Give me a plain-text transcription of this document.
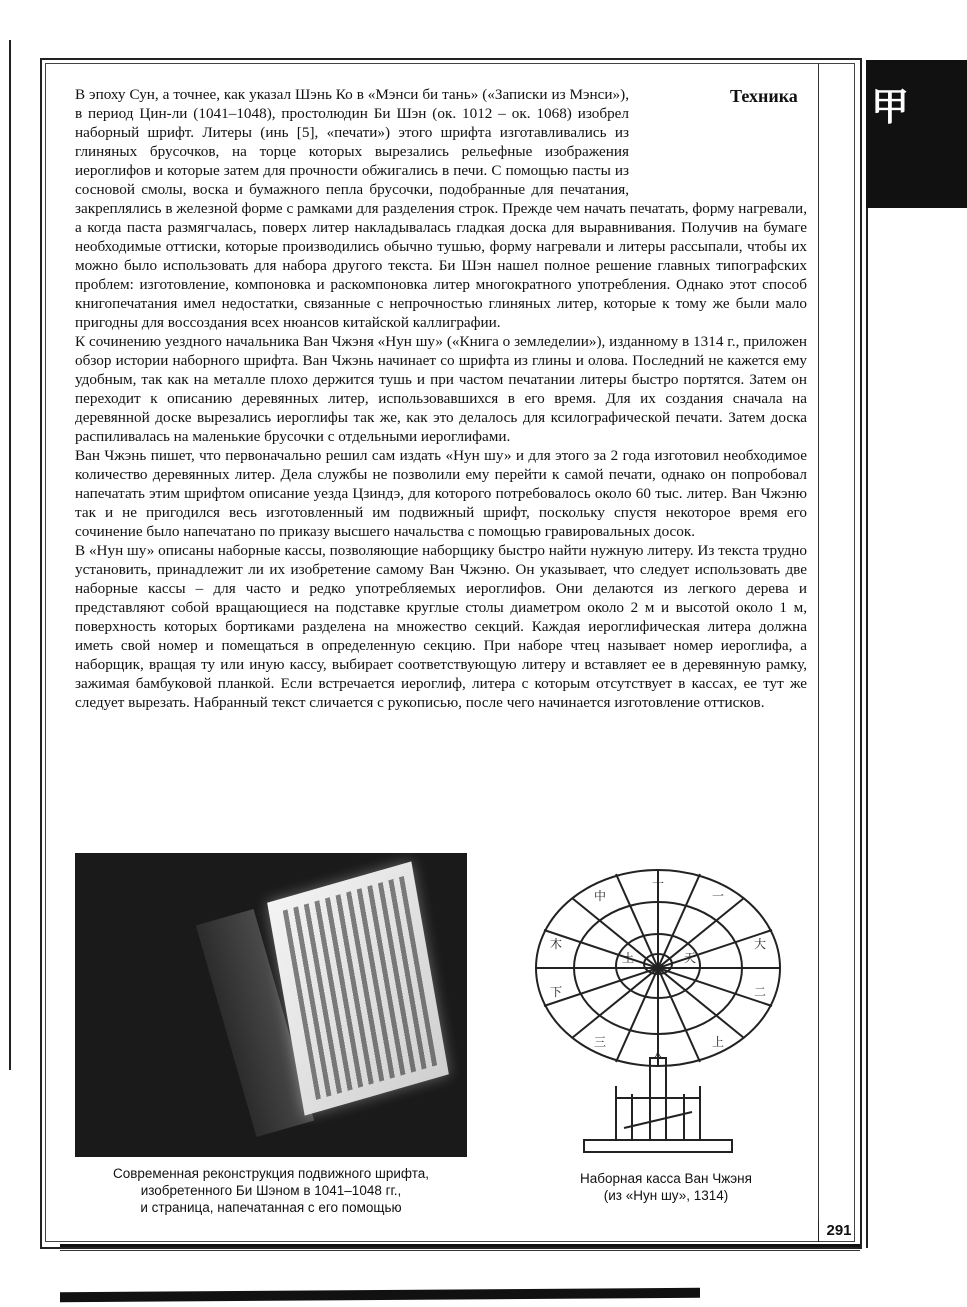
甲
Техника

В эпоху Сун, а точнее, как указал Шэнь Ко в «Мэнси би тань» («Записки из Мэнси»), в период Цин-ли (1041–1048), простолюдин Би Шэн (ок. 1012 – ок. 1068) изобрел наборный шрифт. Литеры (инь [5], «печати») этого шрифта изготавливались из глиняных брусочков, на торце которых вырезались рельефные изображения иероглифов и которые затем для прочности обжигались в печи. С помощью пасты из сосновой смолы, воска и бумажного пепла брусочки, подобранные для печатания, закреплялись в железной форме с рамками для разделения строк. Прежде чем начать печатать, форму нагревали, а когда паста размягчалась, поверх литер накладывалась гладкая доска для выравнивания. Получив на бумаге необходимые оттиски, которые производились обычно тушью, форму нагревали и литеры рассыпали, чтобы их можно было использовать для набора другого текста. Би Шэн нашел полное решение главных типографских проблем: изготовление, компоновка и раскомпоновка литер многократного употребления. Однако этот способ книгопечатания имел недостатки, связанные с непрочностью глиняных литер, которые к тому же были мало пригодны для воссоздания всех нюансов китайской каллиграфии.

К сочинению уездного начальника Ван Чжэня «Нун шу» («Книга о земледелии»), изданному в 1314 г., приложен обзор истории наборного шрифта. Ван Чжэнь начинает со шрифта из глины и олова. Последний не кажется ему удобным, так как на металле плохо держится тушь и при частом печатании литеры быстро портятся. Затем он переходит к описанию деревянных литер, использовавшихся в его время. Для их создания сначала на деревянной доске вырезались иероглифы так же, как это делалось для ксилографической печати. Затем доска распиливалась на маленькие брусочки с отдельными иероглифами.

Ван Чжэнь пишет, что первоначально решил сам издать «Нун шу» и для этого за 2 года изготовил необходимое количество деревянных литер. Дела службы не позволили ему перейти к самой печати, однако он попробовал напечатать этим шрифтом описание уезда Цзиндэ, для которого потребовалось около 60 тыс. литер. Ван Чжэню так и не пригодился весь изготовленный им подвижный шрифт, поскольку спустя некоторое время его сочинение было напечатано по приказу высшего начальства с помощью гравировальных досок.

В «Нун шу» описаны наборные кассы, позволяющие наборщику быстро найти нужную литеру. Из текста трудно установить, принадлежит ли их изобретение самому Ван Чжэню. Он указывает, что следует использовать две наборные кассы – для часто и редко употребляемых иероглифов. Они делаются из легкого дерева и представляют собой вращающиеся на подставке круглые столы диаметром около 2 м и высотой около 1 м, поверхность которых бортиками разделена на множество секций. Каждая иероглифическая литера должна иметь свой номер и помещаться в определенную секцию. При наборе чтец называет номер иероглифа, а наборщик, вращая ту или иную кассу, выбирает соответствующую литеру и вставляет ее в деревянную рамку, зажимая бамбуковой планкой. Если встречается иероглиф, литера с которым отсутствует в кассах, ее тут же следует вырезать. Набранный текст сличается с рукописью, после чего начинается изготовление оттисков.

十
一
大
二
上
人
三
下
木
中
土	天
Современная реконструкция подвижного шрифта,
изобретенного Би Шэном в 1041–1048 гг.,
и страница, напечатанная с его помощью
Наборная касса Ван Чжэня
(из «Нун шу», 1314)
291
